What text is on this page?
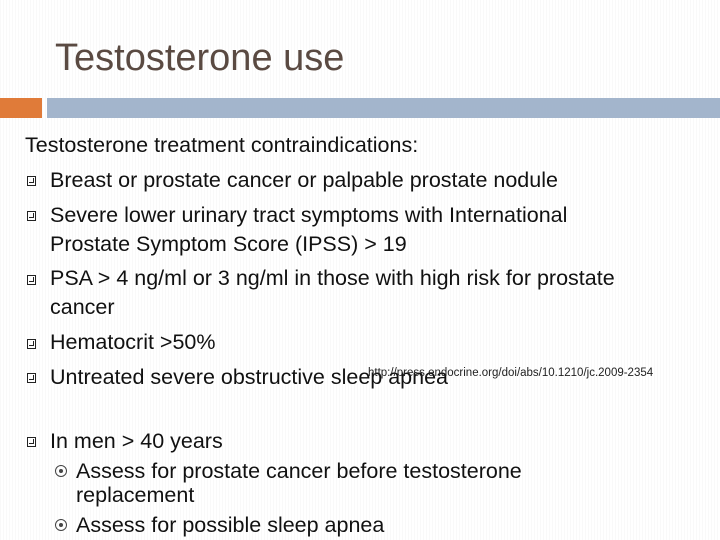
Testosterone use
Testosterone treatment contraindications:
Breast or prostate cancer or palpable prostate nodule
Severe lower urinary tract symptoms with International
Prostate Symptom Score (IPSS) > 19
PSA > 4 ng/ml or 3 ng/ml in those with high risk for prostate
cancer
Hematocrit >50%
Untreated severe obstructive sleep apnea
http://press.endocrine.org/doi/abs/10.1210/jc.2009-2354
In men > 40 years
Assess for prostate cancer before testosterone
replacement
Assess for possible sleep apnea
